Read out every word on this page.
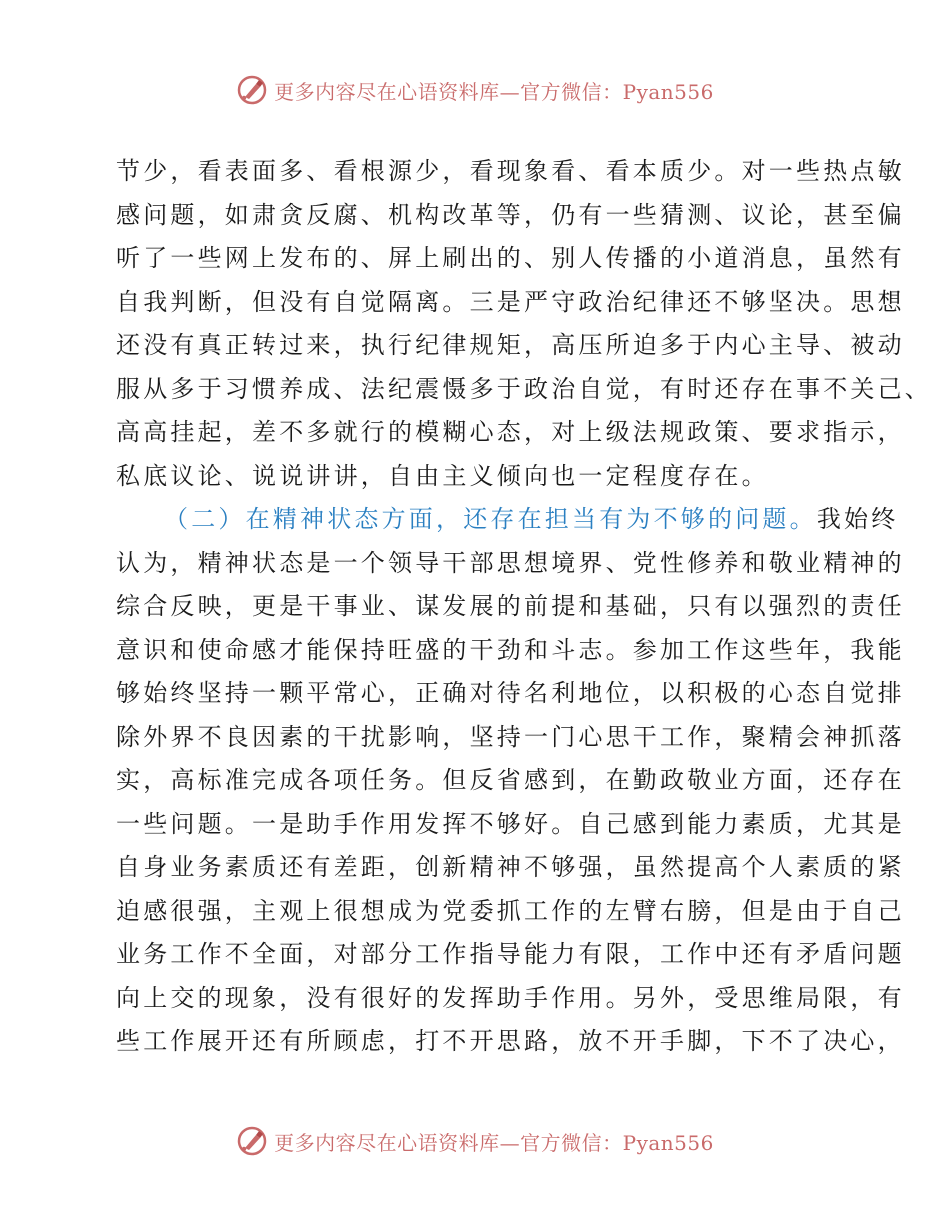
更多内容尽在心语资料库—官方微信：Pyan556
节少，看表面多、看根源少，看现象看、看本质少。对一些热点敏
感问题，如肃贪反腐、机构改革等，仍有一些猜测、议论，甚至偏
听了一些网上发布的、屏上刷出的、别人传播的小道消息，虽然有
自我判断，但没有自觉隔离。三是严守政治纪律还不够坚决。思想
还没有真正转过来，执行纪律规矩，高压所迫多于内心主导、被动
服从多于习惯养成、法纪震慑多于政治自觉，有时还存在事不关己、
高高挂起，差不多就行的模糊心态，对上级法规政策、要求指示，
私底议论、说说讲讲，自由主义倾向也一定程度存在。
（二）在精神状态方面，还存在担当有为不够的问题。我始终
认为，精神状态是一个领导干部思想境界、党性修养和敬业精神的
综合反映，更是干事业、谋发展的前提和基础，只有以强烈的责任
意识和使命感才能保持旺盛的干劲和斗志。参加工作这些年，我能
够始终坚持一颗平常心，正确对待名利地位，以积极的心态自觉排
除外界不良因素的干扰影响，坚持一门心思干工作，聚精会神抓落
实，高标准完成各项任务。但反省感到，在勤政敬业方面，还存在
一些问题。一是助手作用发挥不够好。自己感到能力素质，尤其是
自身业务素质还有差距，创新精神不够强，虽然提高个人素质的紧
迫感很强，主观上很想成为党委抓工作的左臂右膀，但是由于自己
业务工作不全面，对部分工作指导能力有限，工作中还有矛盾问题
向上交的现象，没有很好的发挥助手作用。另外，受思维局限，有
些工作展开还有所顾虑，打不开思路，放不开手脚，下不了决心，
更多内容尽在心语资料库—官方微信：Pyan556
